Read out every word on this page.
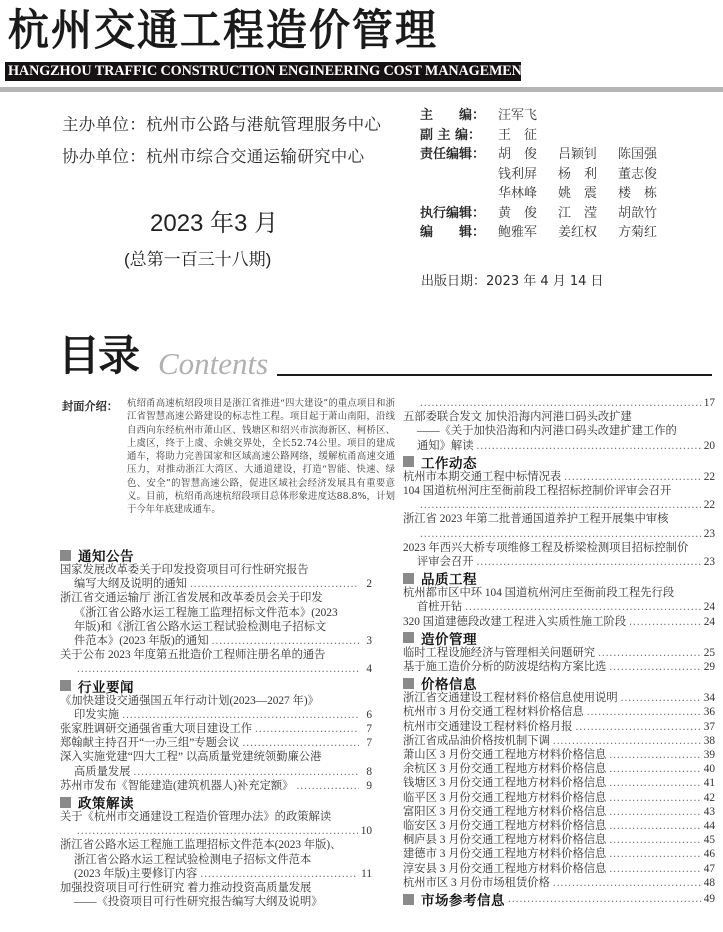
杭州交通工程造价管理
HANGZHOU TRAFFIC CONSTRUCTION ENGINEERING COST MANAGEMENT
主办单位：杭州市公路与港航管理服务中心
协办单位：杭州市综合交通运输研究中心
2023 年3 月
(总第一百三十八期)
主　　编： 汪军飞
副 主 编：	王　征
责任编辑： 胡　俊	吕颖钊	陈国强
钱利屏	杨　利	董志俊
华林峰	姚　震	楼　栋
执行编辑： 黄　俊	江　滢	胡歆竹
编　　辑： 鲍雅军	姜红权	方菊红
出版日期：2023 年 4 月 14 日
目录 Contents
封面介绍： 杭绍甬高速杭绍段项目是浙江省推进“四大建设”的重点项目和浙江省智慧高速公路建设的标志性工程。项目起于萧山南阳，沿线自西向东经杭州市萧山区、钱塘区和绍兴市滨海新区、柯桥区、上虞区，终于上虞、余姚交界处，全长52.74公里。项目的建成通车，将助力完善国家和区域高速公路网络，缓解杭甬高速交通压力，对推动浙江大湾区、大通道建设，打造“智能、快速、绿色、安全”的智慧高速公路，促进区域社会经济发展具有重要意义。目前，杭绍甬高速杭绍段项目总体形象进度达88.8%，计划于今年年底建成通车。
通知公告
国家发展改革委关于印发投资项目可行性研究报告
编写大纲及说明的通知 .....	2
浙江省交通运输厅 浙江省发展和改革委员会关于印发
《浙江省公路水运工程施工监理招标文件范本》(2023
年版)和《浙江省公路水运工程试验检测电子招标文
件范本》(2023 年版)的通知 .....	3
关于公布 2023 年度第五批造价工程师注册名单的通告
.....
4
行业要闻
《加快建设交通强国五年行动计划(2023—2027 年)》
印发实施 .....	6
张家胜调研交通强省重大项目建设工作 .....	7
郑翰献主持召开“一办三组”专题会议 .....	7
深入实施党建“四大工程” 以高质量党建统领勤廉公港
高质量发展 .....	8
苏州市发布《智能建造(建筑机器人)补充定额》 .....	9
政策解读
关于《杭州市交通建设工程造价管理办法》的政策解读
.....
10
浙江省公路水运工程施工监理招标文件范本(2023 年版)、
浙江省公路水运工程试验检测电子招标文件范本
(2023 年版)主要修订内容 .....	11
加强投资项目可行性研究 着力推动投资高质量发展
——《投资项目可行性研究报告编写大纲及说明》
.....
17
五部委联合发文 加快沿海内河港口码头改扩建
——《关于加快沿海和内河港口码头改建扩建工作的
通知》解读 .....	20
工作动态
杭州市本期交通工程中标情况表 .....	22
104 国道杭州河庄至衙前段工程招标控制价评审会召开
.....
22
浙江省 2023 年第二批普通国道养护工程开展集中审核
.....
23
2023 年西兴大桥专项维修工程及桥梁检测项目招标控制价
评审会召开 .....	23
品质工程
杭州都市区中环 104 国道杭州河庄至衙前段工程先行段
首桩开钻 .....	24
320 国道建德段改建工程进入实质性施工阶段 .....	24
造价管理
临时工程设施经济与管理相关问题研究 .....	25
基于施工造价分析的防波堤结构方案比选 .....	29
价格信息
浙江省交通建设工程材料价格信息使用说明 .....	34
杭州市 3 月份交通工程材料价格信息 .....	36
杭州市交通建设工程材料价格月报 .....	37
浙江省成品油价格按机制下调 .....	38
萧山区 3 月份交通工程地方材料价格信息 .....	39
余杭区 3 月份交通工程地方材料价格信息 .....	40
钱塘区 3 月份交通工程地方材料价格信息 .....	41
临平区 3 月份交通工程地方材料价格信息 .....	42
富阳区 3 月份交通工程地方材料价格信息 .....	43
临安区 3 月份交通工程地方材料价格信息 .....	44
桐庐县 3 月份交通工程地方材料价格信息 .....	45
建德市 3 月份交通工程地方材料价格信息 .....	46
淳安县 3 月份交通工程地方材料价格信息 .....	47
杭州市区 3 月份市场租赁价格 .....	48
市场参考信息 .....	49
